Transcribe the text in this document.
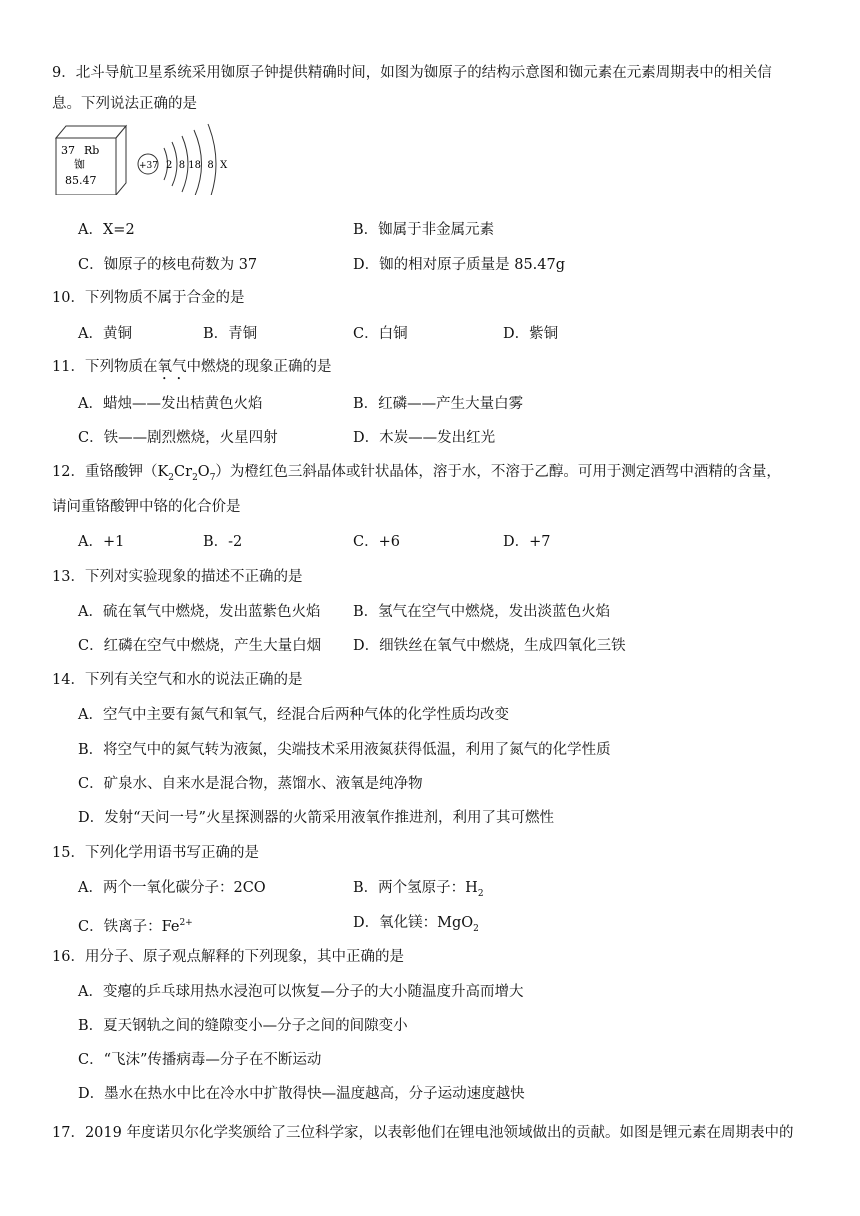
9．北斗导航卫星系统采用铷原子钟提供精确时间，如图为铷原子的结构示意图和铷元素在元素周期表中的相关信
息。下列说法正确的是
37 Rb
铷
85.47
+37 2  8 18  8  X
A．X=2	B．铷属于非金属元素
C．铷原子的核电荷数为 37	D．铷的相对原子质量是 85.47g
10．下列物质不属于合金的是
A．黄铜	B．青铜	C．白铜	D．紫铜
11．下列物质在氧气中燃烧的现象正确的是
A．蜡烛——发出桔黄色火焰	B．红磷——产生大量白雾
C．铁——剧烈燃烧，火星四射	D．木炭——发出红光
12．重铬酸钾$(K_2Cr_2O_7)$为橙红色三斜晶体或针状晶体，溶于水，不溶于乙醇。可用于测定酒驾中酒精的含量，
请问重铬酸钾中铬的化合价是
A．+1	B．-2	C．+6	D．+7
13．下列对实验现象的描述不正确的是
A．硫在氧气中燃烧，发出蓝紫色火焰 B．氢气在空气中燃烧，发出淡蓝色火焰
C．红磷在空气中燃烧，产生大量白烟 D．细铁丝在氧气中燃烧，生成四氧化三铁
14．下列有关空气和水的说法正确的是
A．空气中主要有氮气和氧气，经混合后两种气体的化学性质均改变
B．将空气中的氮气转为液氮，尖端技术采用液氮获得低温，利用了氮气的化学性质
C．矿泉水、自来水是混合物，蒸馏水、液氧是纯净物
D．发射“天问一号”火星探测器的火箭采用液氧作推进剂，利用了其可燃性
15．下列化学用语书写正确的是
A．两个一氧化碳分子：2CO	B．两个氢原子：$H_2$
C．铁离子：$Fe^{2+}$	D．氧化镁：MgO$_2$
16．用分子、原子观点解释的下列现象，其中正确的是
A．变瘪的乒乓球用热水浸泡可以恢复—分子的大小随温度升高而增大
B．夏天钢轨之间的缝隙变小—分子之间的间隙变小
C．“飞沫”传播病毒—分子在不断运动
D．墨水在热水中比在冷水中扩散得快—温度越高，分子运动速度越快
17．2019 年度诺贝尔化学奖颁给了三位科学家，以表彰他们在锂电池领域做出的贡献。如图是锂元素在周期表中的
